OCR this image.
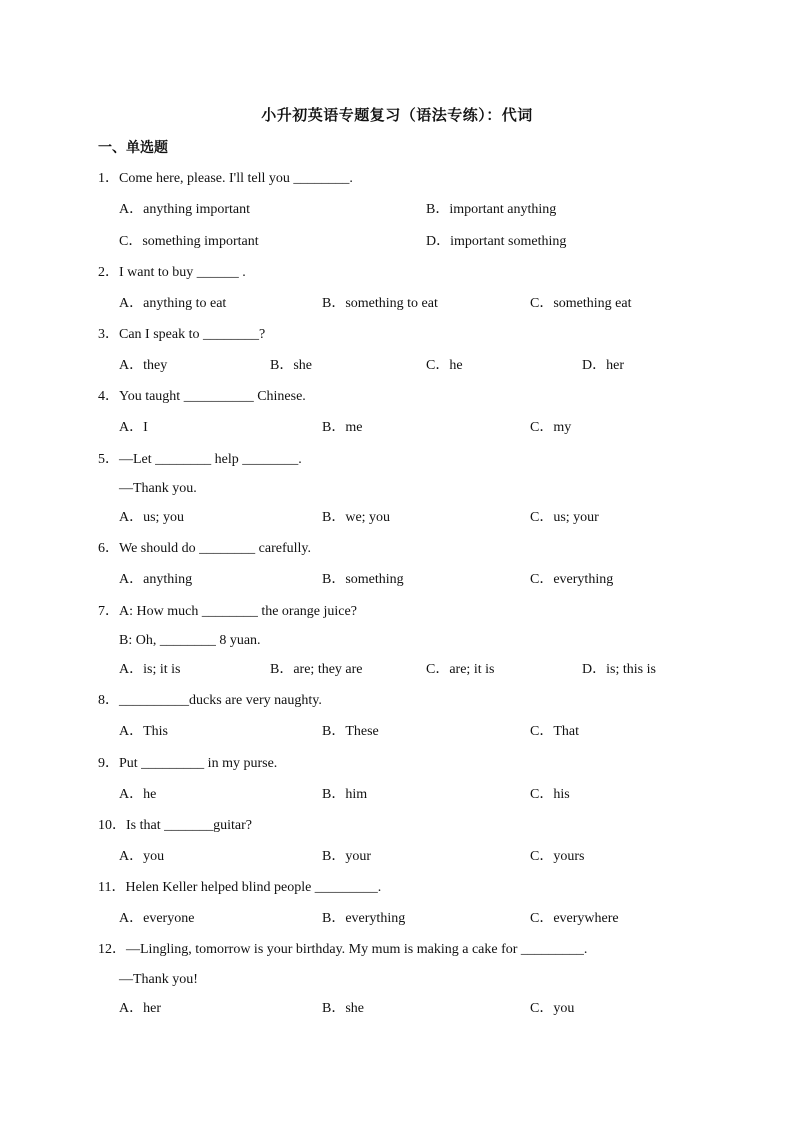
小升初英语专题复习（语法专练）：代词
一、单选题
1．Come here, please. I'll tell you ________.
A．anything important	B．important anything
C．something important	D．important something
2．I want to buy ______ .
A．anything to eat	B．something to eat	C．something eat
3．Can I speak to ________?
A．they	B．she	C．he	D．her
4．You taught __________ Chinese.
A．I	B．me	C．my
5．—Let ________ help ________.
—Thank you.
A．us; you	B．we; you	C．us; your
6．We should do ________ carefully.
A．anything	B．something	C．everything
7．A: How much ________ the orange juice?
B: Oh, ________ 8 yuan.
A．is; it is	B．are; they are	C．are; it is	D．is; this is
8．__________ducks are very naughty.
A．This	B．These	C．That
9．Put _________ in my purse.
A．he	B．him	C．his
10．Is that _______guitar?
A．you	B．your	C．yours
11．Helen Keller helped blind people _________.
A．everyone	B．everything	C．everywhere
12．—Lingling, tomorrow is your birthday. My mum is making a cake for _________.
—Thank you!
A．her	B．she	C．you
